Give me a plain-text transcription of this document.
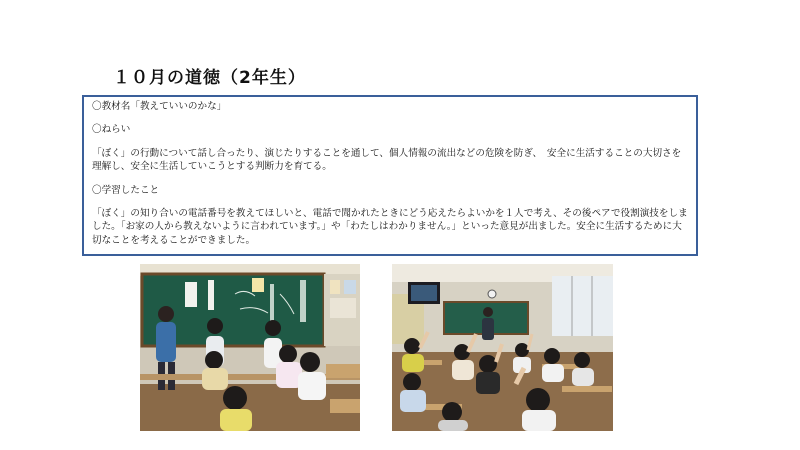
１０月の道徳（2年生）

〇教材名「教えていいのかな」

〇ねらい

「ぼく」の行動について話し合ったり、演じたりすることを通して、個人情報の流出などの危険を防ぎ、　安全に生活することの大切さを理解し、安全に生活していこうとする判断力を育てる。

〇学習したこと

「ぼく」の知り合いの電話番号を教えてほしいと、電話で聞かれたときにどう応えたらよいかを１人で考え、その後ペアで役割演技をしました。「お家の人から教えないように言われています。」や「わたしはわかりません。」といった意見が出ました。安全に生活するために大切なことを考えることができました。
